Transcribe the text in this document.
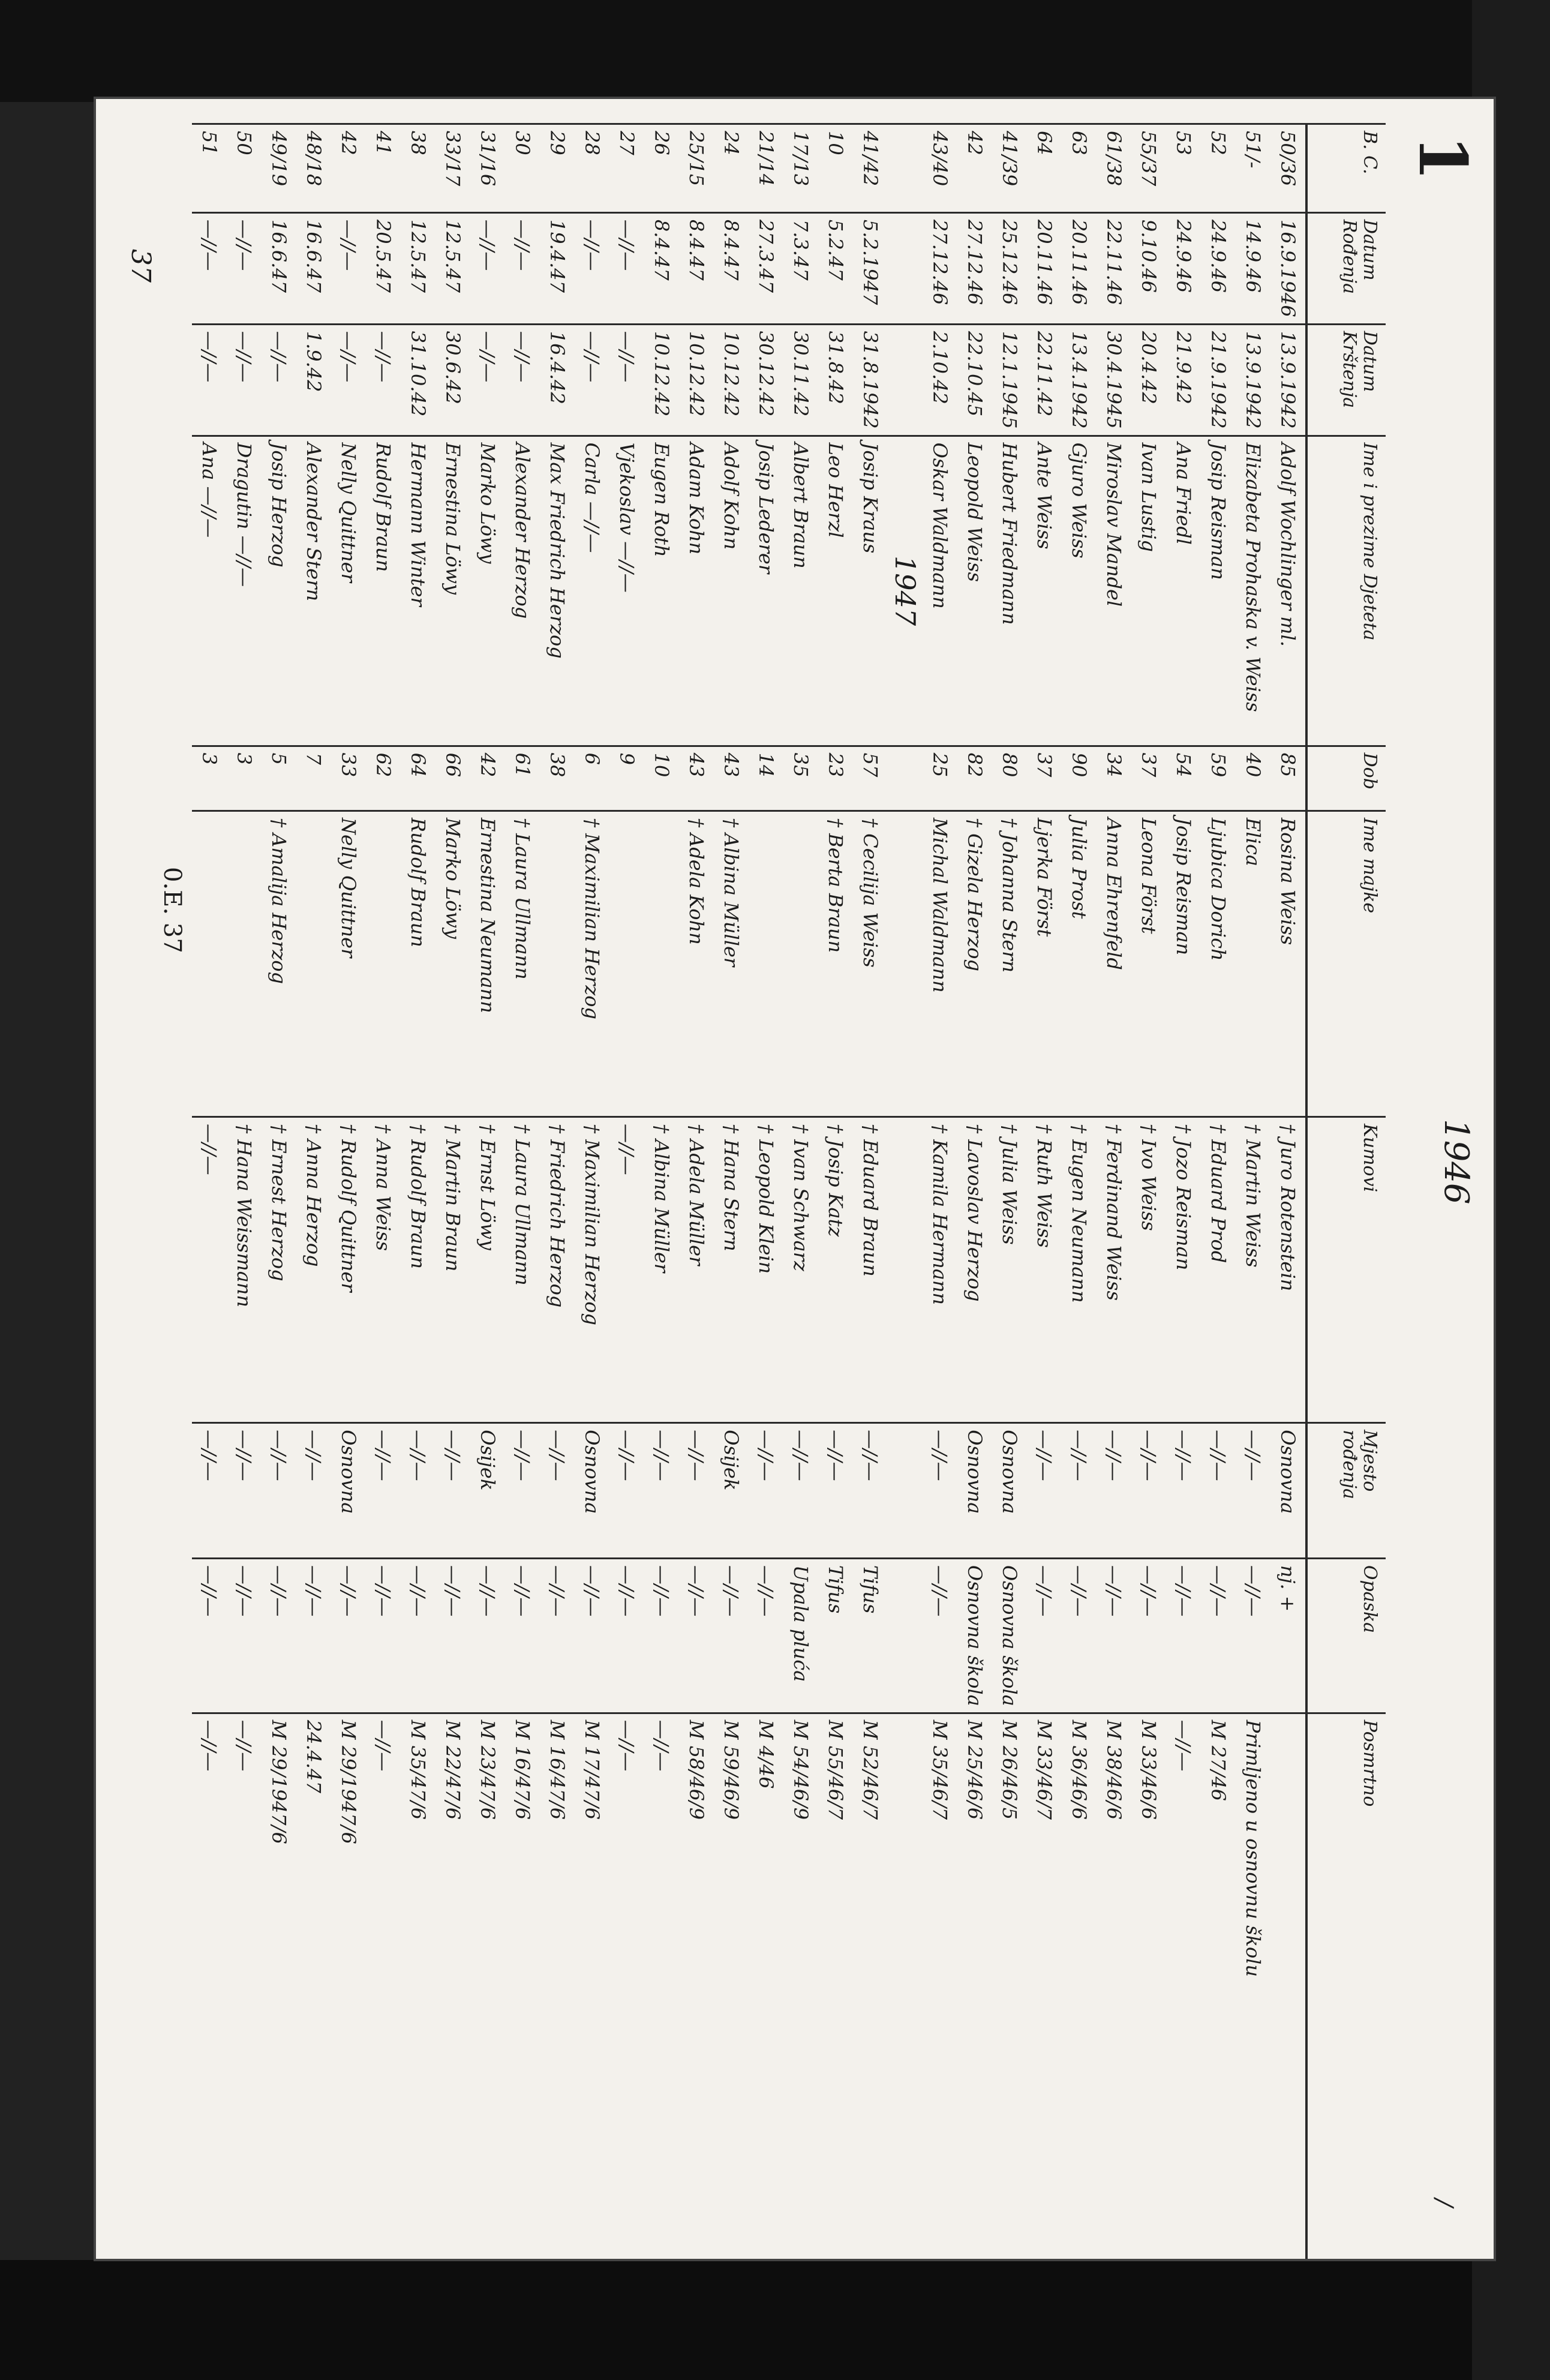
1
1946
/
B. C.	Datum Rođenja	Datum Krštenja	Ime i prezime Djeteta	Dob	Ime majke	Kumovi	Mjesto rođenja	Opaska	Posmrtno
50/36	16.9.1946	13.9.1942	Adolf Wochlinger ml.	85	Rosina Weiss	† Juro Rotenstein	Osnovna	nj. +	
51/-	14.9.46	13.9.1942	Elizabeta Prohaska v. Weiss	40	Elica	† Martin Weiss	—//—	—//—	Primljeno u osnovnu školu
52	24.9.46	21.9.1942	Josip Reisman	59	Ljubica Dorich	† Eduard Prod	—//—	—//—	M 27/46
53	24.9.46	21.9.42	Ana Friedl	54	Josip Reisman	† Jozo Reisman	—//—	—//—	—//—
55/37	9.10.46	20.4.42	Ivan Lustig	37	Leona Först	† Ivo Weiss	—//—	—//—	M 33/46/6
61/38	22.11.46	30.4.1945	Miroslav Mandel	34	Anna Ehrenfeld	† Ferdinand Weiss	—//—	—//—	M 38/46/6
63	20.11.46	13.4.1942	Gjuro Weiss	90	Julia Prost	† Eugen Neumann	—//—	—//—	M 36/46/6
64	20.11.46	22.11.42	Ante Weiss	37	Ljerka Först	† Ruth Weiss	—//—	—//—	M 33/46/7
41/39	25.12.46	12.1.1945	Hubert Friedmann	80	† Johanna Stern	† Julia Weiss	Osnovna	Osnovna škola	M 26/46/5
42	27.12.46	22.10.45	Leopold Weiss	82	† Gizela Herzog	† Lavoslav Herzog	Osnovna	Osnovna škola	M 25/46/6
43/40	27.12.46	2.10.42	Oskar Waldmann	25	Michal Waldmann	† Kamila Hermann	—//—	—//—	M 35/46/7
			1947						
41/42	5.2.1947	31.8.1942	Josip Kraus	57	† Cecilija Weiss	† Eduard Braun	—//—	Tifus	M 52/46/7
10	5.2.47	31.8.42	Leo Herzl	23	† Berta Braun	† Josip Katz	—//—	Tifus	M 55/46/7
17/13	7.3.47	30.11.42	Albert Braun	35		† Ivan Schwarz	—//—	Upala pluća	M 54/46/9
21/14	27.3.47	30.12.42	Josip Lederer	14		† Leopold Klein	—//—	—//—	M 4/46
24	8.4.47	10.12.42	Adolf Kohn	43	† Albina Müller	† Hana Stern	Osijek	—//—	M 59/46/9
25/15	8.4.47	10.12.42	Adam Kohn	43	† Adela Kohn	† Adela Müller	—//—	—//—	M 58/46/9
26	8.4.47	10.12.42	Eugen Roth	10		† Albina Müller	—//—	—//—	—//—
27	—//—	—//—	Vjekoslav —//—	9		—//—	—//—	—//—	—//—
28	—//—	—//—	Carla —//—	6	† Maximilian Herzog	† Maximilian Herzog	Osnovna	—//—	M 17/47/6
29	19.4.47	16.4.42	Max Friedrich Herzog	38		† Friedrich Herzog	—//—	—//—	M 16/47/6
30	—//—	—//—	Alexander Herzog	61	† Laura Ullmann	† Laura Ullmann	—//—	—//—	M 16/47/6
31/16	—//—	—//—	Marko Löwy	42	Ernestina Neumann	† Ernst Löwy	Osijek	—//—	M 23/47/6
33/17	12.5.47	30.6.42	Ernestina Löwy	66	Marko Löwy	† Martin Braun	—//—	—//—	M 22/47/6
38	12.5.47	31.10.42	Hermann Winter	64	Rudolf Braun	† Rudolf Braun	—//—	—//—	M 35/47/6
41	20.5.47	—//—	Rudolf Braun	62		† Anna Weiss	—//—	—//—	—//—
42	—//—	—//—	Nelly Quittner	33	Nelly Quittner	† Rudolf Quittner	Osnovna	—//—	M 29/1947/6
48/18	16.6.47	1.9.42	Alexander Stern	7		† Anna Herzog	—//—	—//—	24.4.47
49/19	16.6.47	—//—	Josip Herzog	5	† Amalija Herzog	† Ernest Herzog	—//—	—//—	M 29/1947/6
50	—//—	—//—	Dragutin —//—	3		† Hana Weissmann	—//—	—//—	—//—
51	—//—	—//—	Ana —//—	3		—//—	—//—	—//—	—//—
37
0.E. 37
